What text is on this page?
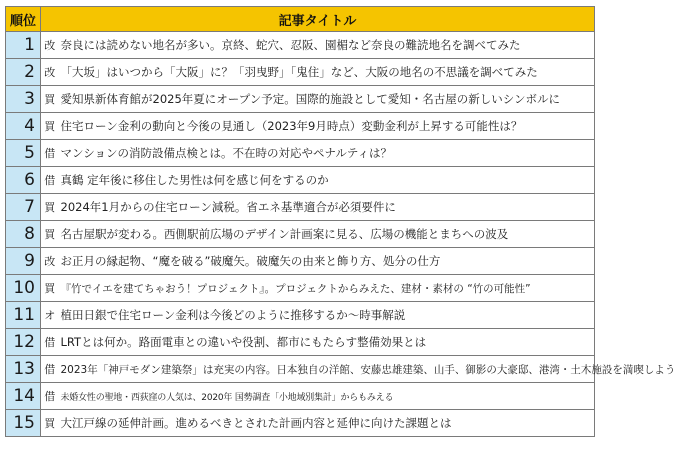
順位	記事タイトル	
1	改	奈良には読めない地名が多い。京終、蛇穴、忍阪、園楣など奈良の難読地名を調べてみた
2	改	「大坂」はいつから「大阪」に？「羽曳野」「鬼住」など、大阪の地名の不思議を調べてみた
3	買	愛知県新体育館が2025年夏にオープン予定。国際的施設として愛知・名古屋の新しいシンボルに
4	買	住宅ローン金利の動向と今後の見通し（2023年9月時点）変動金利が上昇する可能性は？
5	借	マンションの消防設備点検とは。不在時の対応やペナルティは？
6	借	真鶴 定年後に移住した男性は何を感じ何をするのか
7	買	2024年1月からの住宅ローン減税。省エネ基準適合が必須要件に
8	買	名古屋駅が変わる。西側駅前広場のデザイン計画案に見る、広場の機能とまちへの波及
9	改	お正月の縁起物、“魔を破る”破魔矢。破魔矢の由来と飾り方、処分の仕方
10	買	『竹でイエを建てちゃおう！プロジェクト』。プロジェクトからみえた、建材・素材の “竹の可能性”
11	オ	植田日銀で住宅ローン金利は今後どのように推移するか〜時事解説
12	借	LRTとは何か。路面電車との違いや役割、都市にもたらす整備効果とは
13	借	2023年「神戸モダン建築祭」は充実の内容。日本独自の洋館、安藤忠雄建築、山手、御影の大豪邸、港湾・土木施設を満喫しよう
14	借	未婚女性の聖地・西荻窪の人気は、2020年 国勢調査「小地域別集計」からもみえる
15	買	大江戸線の延伸計画。進めるべきとされた計画内容と延伸に向けた課題とは
